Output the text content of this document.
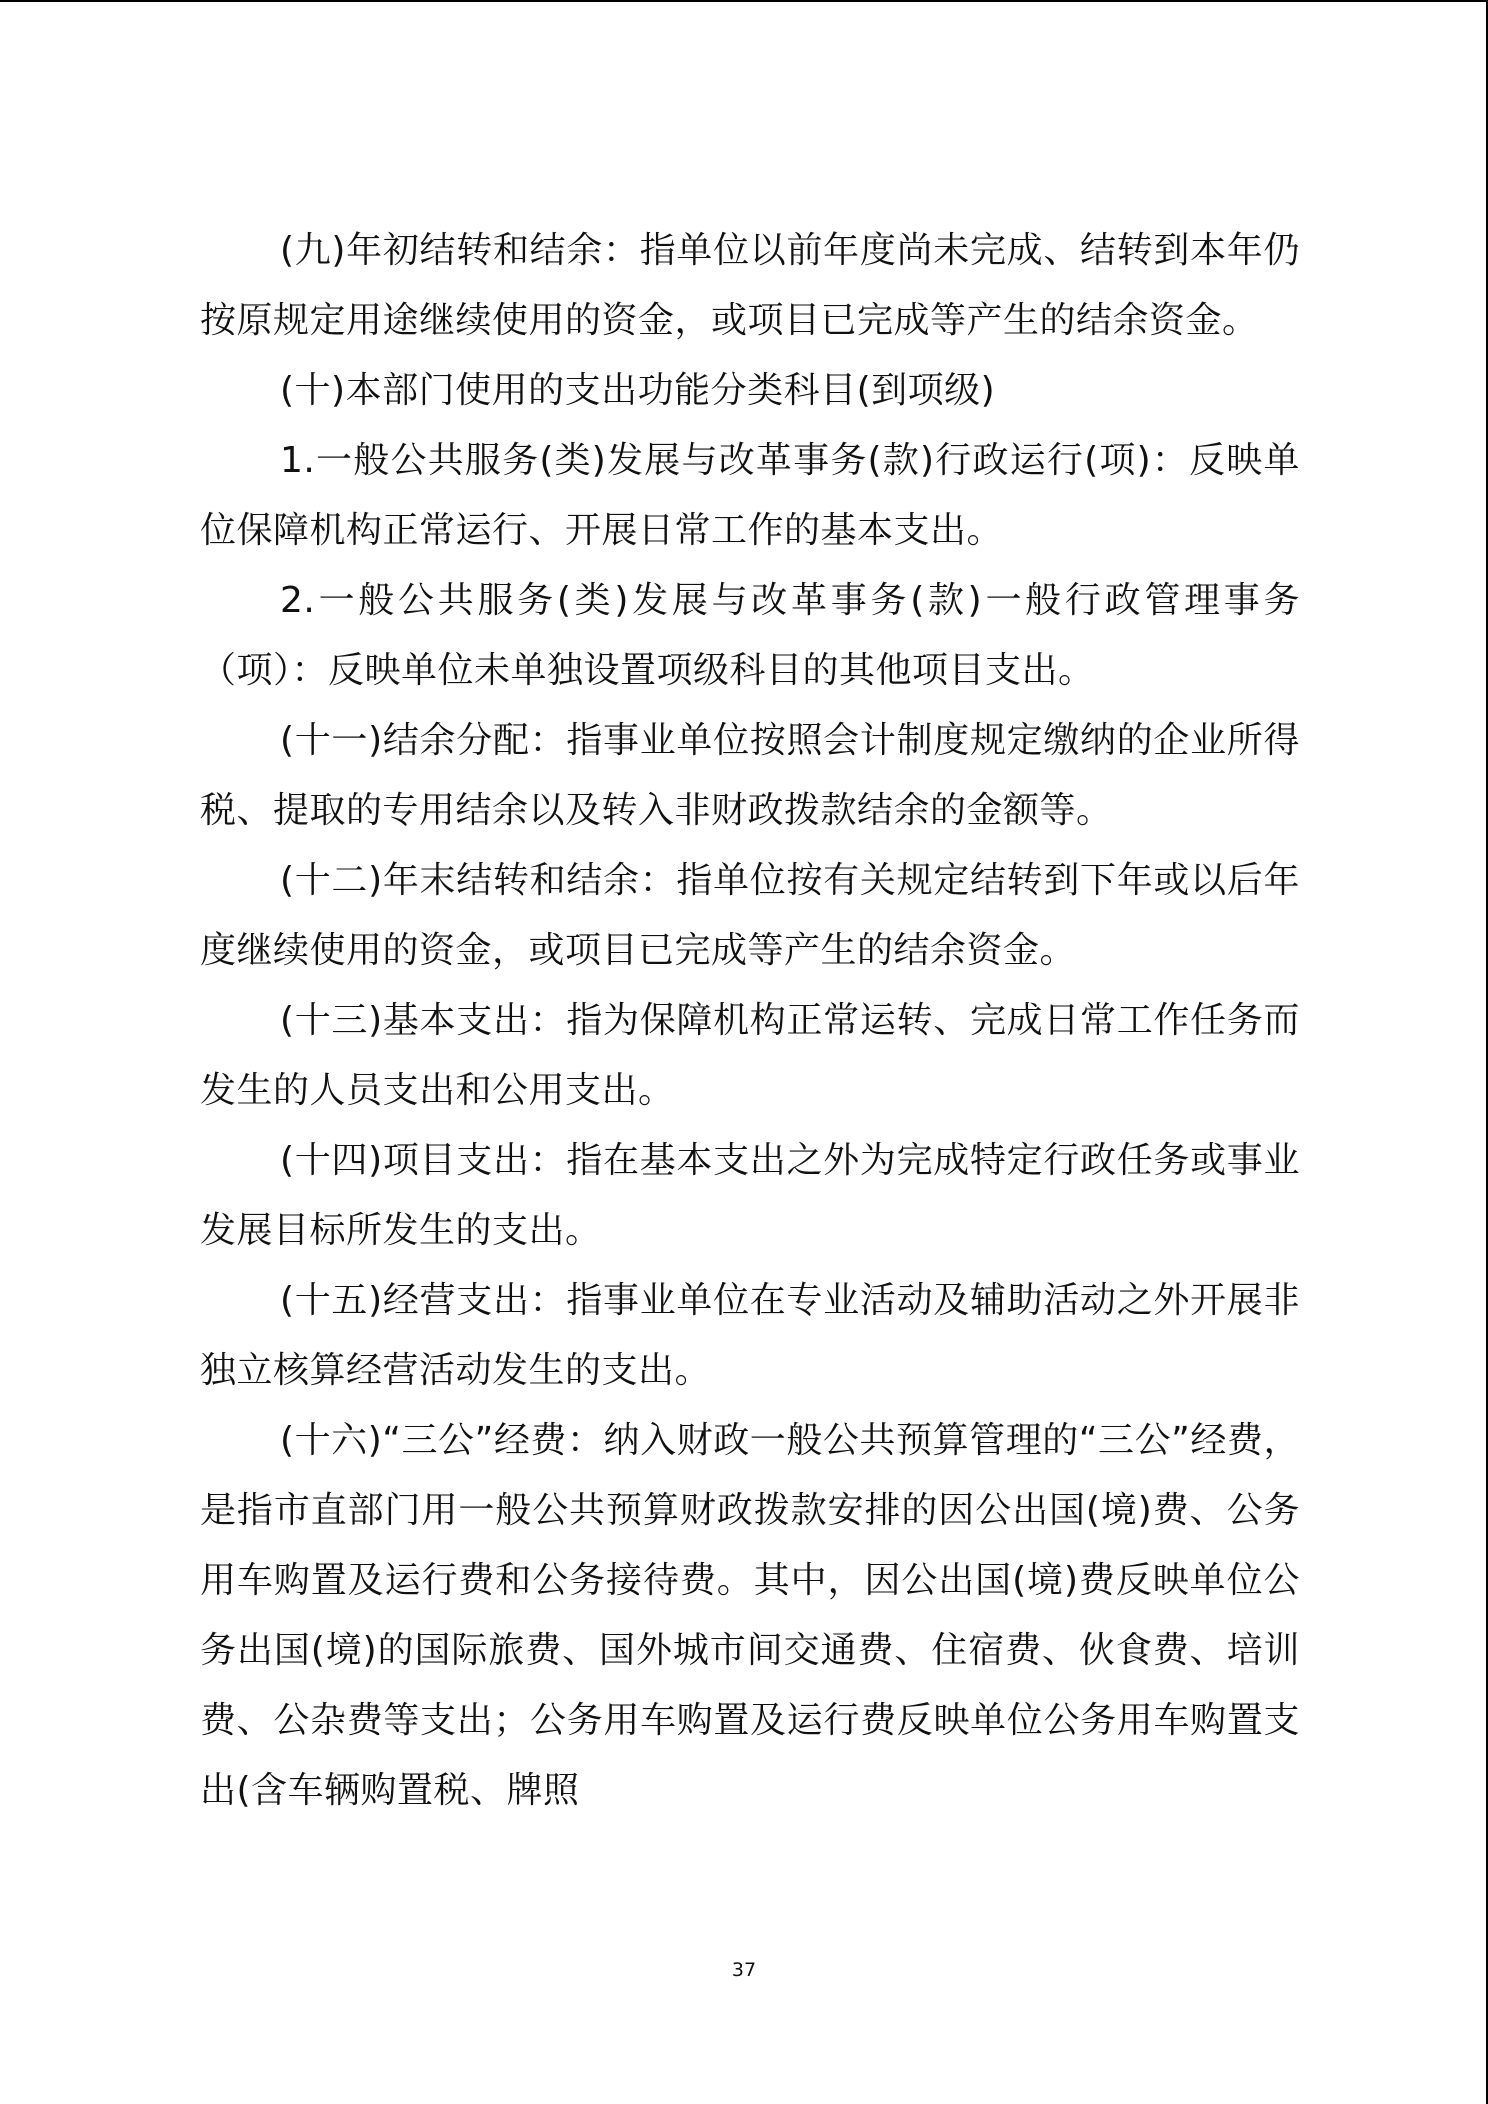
(九)年初结转和结余：指单位以前年度尚未完成、结转到本年仍按原规定用途继续使用的资金，或项目已完成等产生的结余资金。

(十)本部门使用的支出功能分类科目(到项级)

1.一般公共服务(类)发展与改革事务(款)行政运行(项)：反映单位保障机构正常运行、开展日常工作的基本支出。

2.一般公共服务(类)发展与改革事务(款)一般行政管理事务（项）：反映单位未单独设置项级科目的其他项目支出。

(十一)结余分配：指事业单位按照会计制度规定缴纳的企业所得税、提取的专用结余以及转入非财政拨款结余的金额等。

(十二)年末结转和结余：指单位按有关规定结转到下年或以后年度继续使用的资金，或项目已完成等产生的结余资金。

(十三)基本支出：指为保障机构正常运转、完成日常工作任务而发生的人员支出和公用支出。

(十四)项目支出：指在基本支出之外为完成特定行政任务或事业发展目标所发生的支出。

(十五)经营支出：指事业单位在专业活动及辅助活动之外开展非独立核算经营活动发生的支出。

(十六)“三公”经费：纳入财政一般公共预算管理的“三公”经费，是指市直部门用一般公共预算财政拨款安排的因公出国(境)费、公务用车购置及运行费和公务接待费。其中，因公出国(境)费反映单位公务出国(境)的国际旅费、国外城市间交通费、住宿费、伙食费、培训费、公杂费等支出；公务用车购置及运行费反映单位公务用车购置支出(含车辆购置税、牌照

37
